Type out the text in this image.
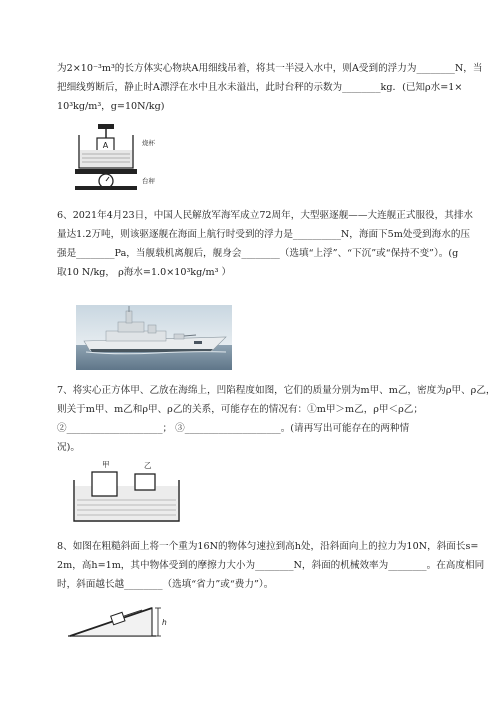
为2×10⁻³m³的长方体实心物块A用细线吊着，将其一半浸入水中，则A受到的浮力为________N，当
把细线剪断后，静止时A漂浮在水中且水未溢出，此时台秤的示数为________kg．(已知ρ水=1×
10³kg/m³，g=10N/kg)
A	烧杯
台秤
6、2021年4月23日，中国人民解放军海军成立72周年，大型驱逐舰——大连舰正式服役，其排水
量达1.2万吨，则该驱逐舰在海面上航行时受到的浮力是__________N，海面下5m处受到海水的压
强是________Pa，当舰载机离舰后，舰身会________（选填“上浮”、“下沉”或“保持不变”）。(g
取10 N/kg， ρ海水=1.0×10³kg/m³ ）
7、将实心正方体甲、乙放在海绵上，凹陷程度如图，它们的质量分别为m甲、m乙，密度为ρ甲、ρ乙，
则关于m甲、m乙和ρ甲、ρ乙的关系，可能存在的情况有：①m甲＞m乙，ρ甲＜ρ乙；
②____________________； ③____________________。(请再写出可能存在的两种情
况)。
甲	乙
8、如图在粗糙斜面上将一个重为16N的物体匀速拉到高h处，沿斜面向上的拉力为10N，斜面长s=
2m，高h=1m，其中物体受到的摩擦力大小为________N，斜面的机械效率为________。在高度相同
时，斜面越长越________（选填“省力”或“费力”）。
h
